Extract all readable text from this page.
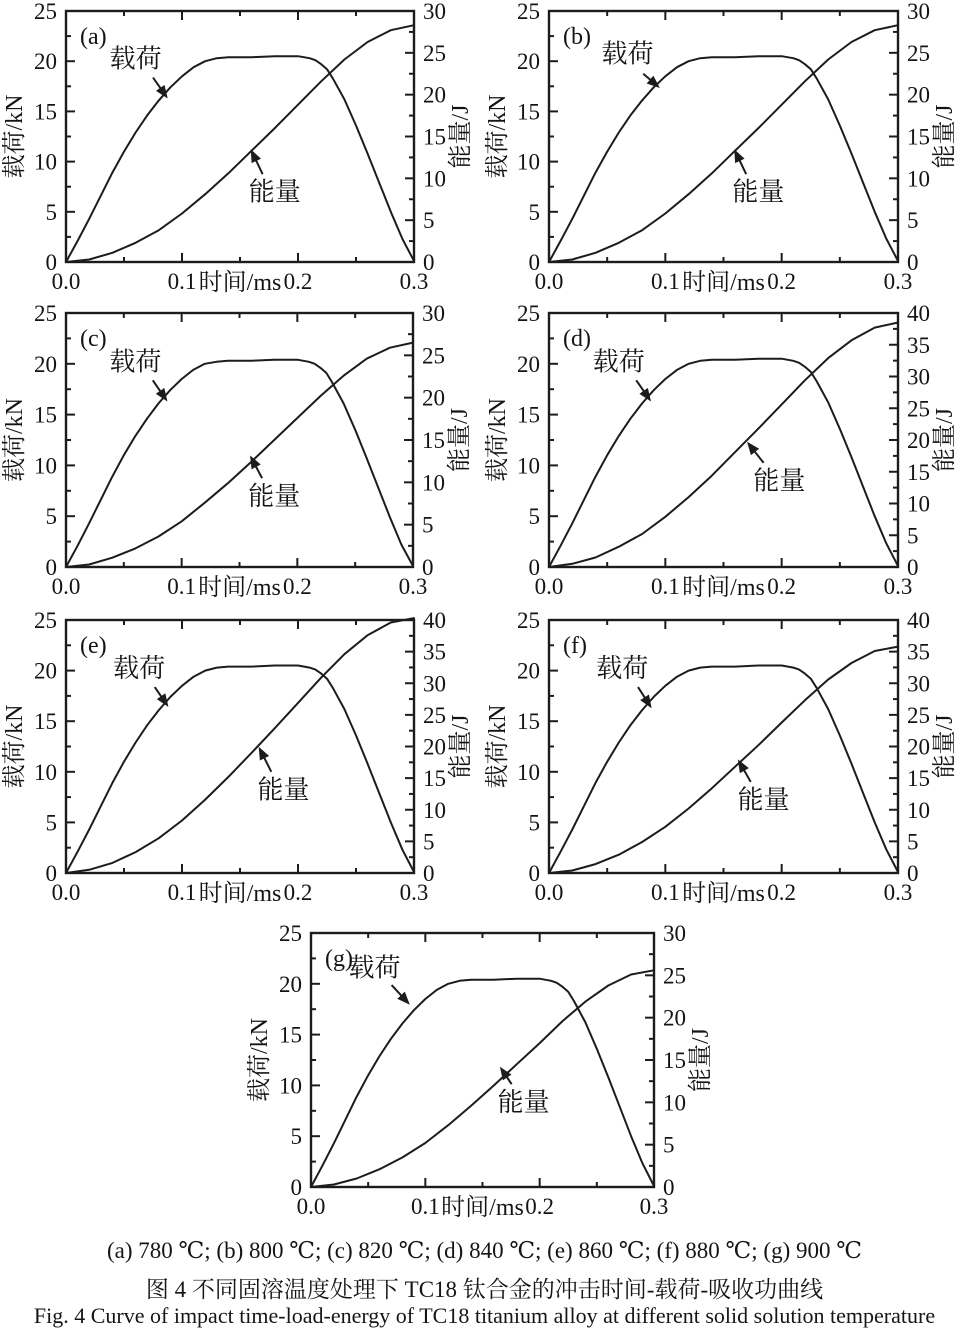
0
5
10
15
20
25
0
5
10
15
20
25
30
0.0	0.1	0.2	0.3
时间/ms
载荷/kN	能量/J
(a)
载荷
能量
0
5
10
15
20
25
0
5
10
15
20
25
30
0.0	0.1	0.2	0.3
时间/ms
载荷/kN	能量/J
(b)
载荷
能量
0
5
10
15
20
25
0
5
10
15
20
25
30
0.0	0.1	0.2	0.3
时间/ms
载荷/kN	能量/J
(c)
载荷
能量
0
5
10
15
20
25
0
5
10
15
20
25
30
35
40
0.0	0.1	0.2	0.3
时间/ms
载荷/kN	能量/J
(d)
载荷
能量
0
5
10
15
20
25
0
5
10
15
20
25
30
35
40
0.0	0.1	0.2	0.3
时间/ms
载荷/kN	能量/J
(e)
载荷
能量
0
5
10
15
20
25
0
5
10
15
20
25
30
35
40
0.0	0.1	0.2	0.3
时间/ms
载荷/kN	能量/J
(f)
载荷
能量
0
5
10
15
20
25
0
5
10
15
20
25
30
0.0	0.1	0.2	0.3
时间/ms
载荷/kN	能量/J
(g)
载荷
能量
(a) 780 ℃; (b) 800 ℃; (c) 820 ℃; (d) 840 ℃; (e) 860 ℃; (f) 880 ℃; (g) 900 ℃
图 4 不同固溶温度处理下 TC18 钛合金的冲击时间-载荷-吸收功曲线
Fig. 4 Curve of impact time-load-energy of TC18 titanium alloy at different solid solution temperature
